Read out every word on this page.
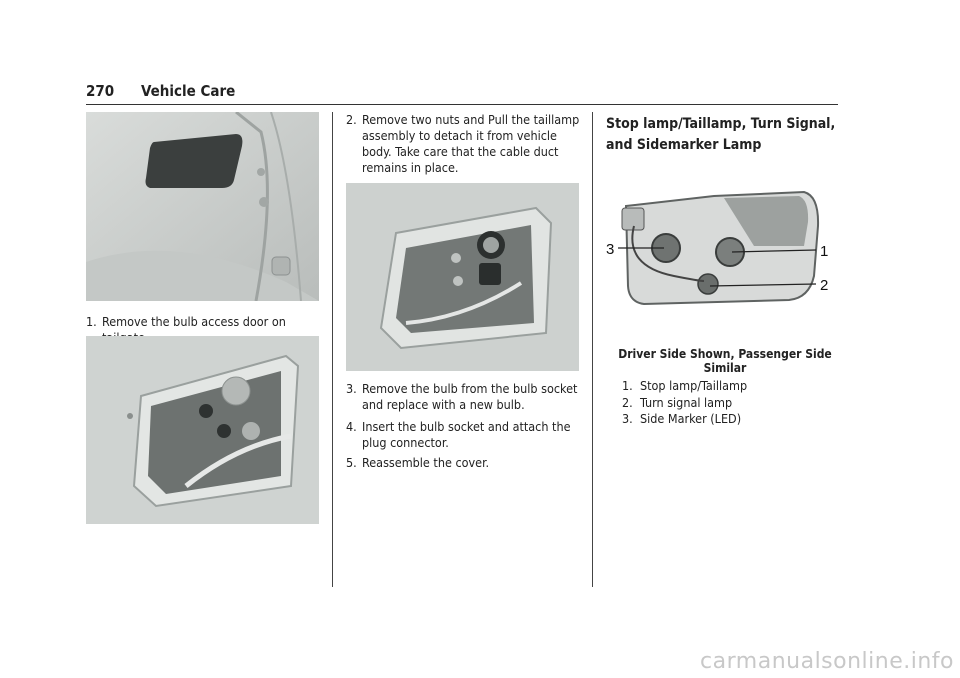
270 Vehicle Care
1. Remove the bulb access door on
2. Remove two nuts and Pull the taillamp assembly to detach it from vehicle body. Take care that the cable duct remains in place.
3. Remove the bulb from the bulb socket and replace with a new bulb.
4. Insert the bulb socket and attach the plug connector.
5. Reassemble the cover.
Stop lamp/Taillamp, Turn Signal, and Sidemarker Lamp
3	1
2
Driver Side Shown, Passenger Side Similar
1. Stop lamp/Taillamp
2. Turn signal lamp
3. Side Marker (LED)
carmanualsonline.info
